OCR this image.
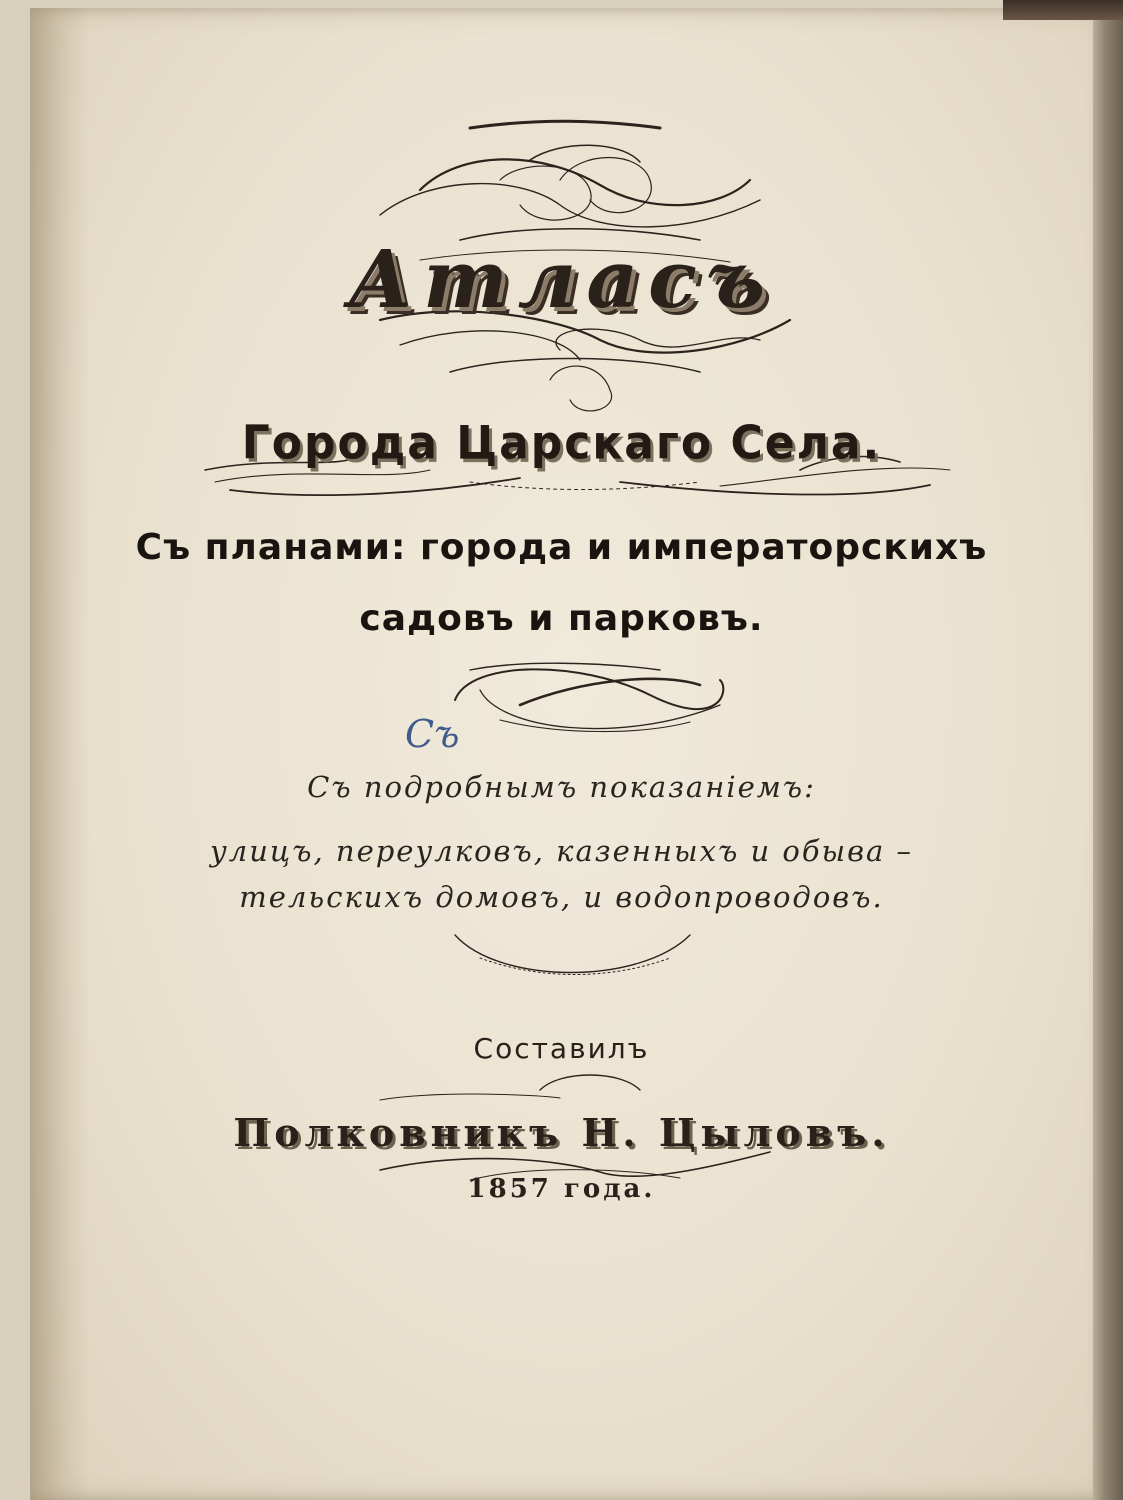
Атласъ
Города Царскаго Села.
Съ планами: города и императорскихъ
садовъ и парковъ.
Съ
Съ подробнымъ показаніемъ:
улицъ, переулковъ, казенныхъ и обыва –
тельскихъ домовъ, и водопроводовъ.
Составилъ
Полковникъ Н. Цыловъ.
1857 года.
